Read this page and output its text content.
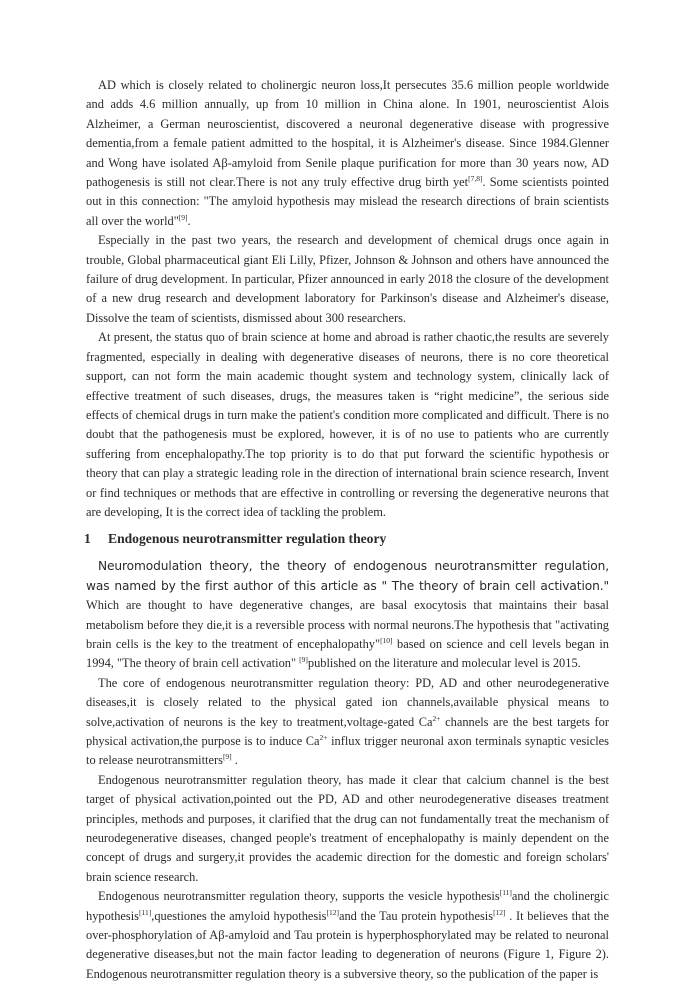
AD which is closely related to cholinergic neuron loss,It persecutes 35.6 million people worldwide and adds 4.6 million annually, up from 10 million in China alone. In 1901, neuroscientist Alois Alzheimer, a German neuroscientist, discovered a neuronal degenerative disease with progressive dementia,from a female patient admitted to the hospital, it is Alzheimer's disease. Since 1984.Glenner and Wong have isolated Aβ-amyloid from Senile plaque purification for more than 30 years now, AD pathogenesis is still not clear.There is not any truly effective drug birth yet[7,8]. Some scientists pointed out in this connection: "The amyloid hypothesis may mislead the research directions of brain scientists all over the world"[9].

Especially in the past two years, the research and development of chemical drugs once again in trouble, Global pharmaceutical giant Eli Lilly, Pfizer, Johnson & Johnson and others have announced the failure of drug development. In particular, Pfizer announced in early 2018 the closure of the development of a new drug research and development laboratory for Parkinson's disease and Alzheimer's disease, Dissolve the team of scientists, dismissed about 300 researchers.

At present, the status quo of brain science at home and abroad is rather chaotic,the results are severely fragmented, especially in dealing with degenerative diseases of neurons, there is no core theoretical support, can not form the main academic thought system and technology system, clinically lack of effective treatment of such diseases, drugs, the measures taken is “right medicine”, the serious side effects of chemical drugs in turn make the patient's condition more complicated and difficult. There is no doubt that the pathogenesis must be explored, however, it is of no use to patients who are currently suffering from encephalopathy.The top priority is to do that put forward the scientific hypothesis or theory that can play a strategic leading role in the direction of international brain science research, Invent or find techniques or methods that are effective in controlling or reversing the degenerative neurons that are developing, It is the correct idea of tackling the problem.

1 Endogenous neurotransmitter regulation theory

Neuromodulation theory, the theory of endogenous neurotransmitter regulation, was named by the first author of this article as " The theory of brain cell activation." Which are thought to have degenerative changes, are basal exocytosis that maintains their basal metabolism before they die,it is a reversible process with normal neurons.The hypothesis that "activating brain cells is the key to the treatment of encephalopathy"[10] based on science and cell levels began in 1994, "The theory of brain cell activation" [9]published on the literature and molecular level is 2015.

The core of endogenous neurotransmitter regulation theory: PD, AD and other neurodegenerative diseases,it is closely related to the physical gated ion channels,available physical means to solve,activation of neurons is the key to treatment,voltage-gated $Ca^{2+}$ channels are the best targets for physical activation,the purpose is to induce $Ca^{2+}$ influx trigger neuronal axon terminals synaptic vesicles to release neurotransmitters[9] .

Endogenous neurotransmitter regulation theory, has made it clear that calcium channel is the best target of physical activation,pointed out the PD, AD and other neurodegenerative diseases treatment principles, methods and purposes, it clarified that the drug can not fundamentally treat the mechanism of neurodegenerative diseases, changed people's treatment of encephalopathy is mainly dependent on the concept of drugs and surgery,it provides the academic direction for the domestic and foreign scholars' brain science research.

Endogenous neurotransmitter regulation theory, supports the vesicle hypothesis[11]and the cholinergic hypothesis[11],questiones the amyloid hypothesis[12]and the Tau protein hypothesis[12] . It believes that the over-phosphorylation of Aβ-amyloid and Tau protein is hyperphosphorylated may be related to neuronal degenerative diseases,but not the main factor leading to degeneration of neurons (Figure 1, Figure 2). Endogenous neurotransmitter regulation theory is a subversive theory, so the publication of the paper is
